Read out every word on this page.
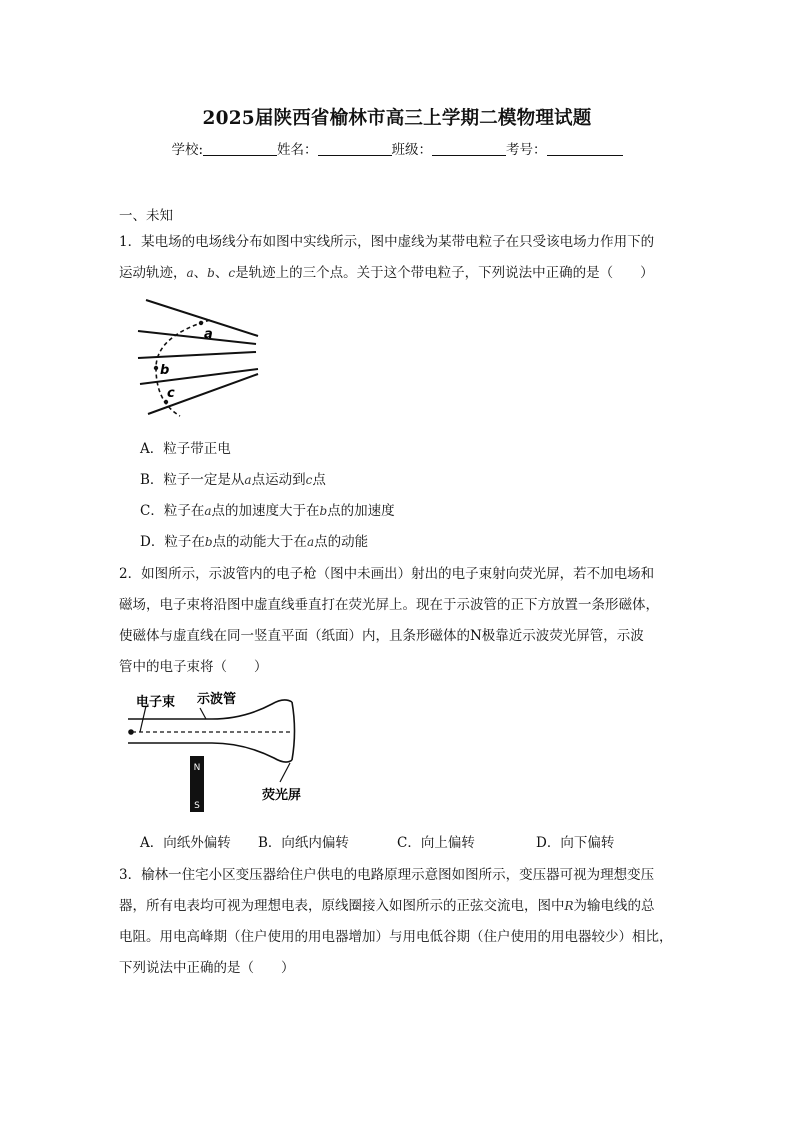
2025届陕西省榆林市高三上学期二模物理试题
学校:	姓名：	班级：	考号：
一、未知
1．某电场的电场线分布如图中实线所示，图中虚线为某带电粒子在只受该电场力作用下的
运动轨迹，a、b、c是轨迹上的三个点。关于这个带电粒子，下列说法中正确的是（　　）
a
b
c
A．粒子带正电
B．粒子一定是从a点运动到c点
C．粒子在a点的加速度大于在b点的加速度
D．粒子在b点的动能大于在a点的动能
2．如图所示，示波管内的电子枪（图中未画出）射出的电子束射向荧光屏，若不加电场和
磁场，电子束将沿图中虚直线垂直打在荧光屏上。现在于示波管的正下方放置一条形磁体，
使磁体与虚直线在同一竖直平面（纸面）内，且条形磁体的N极靠近示波荧光屏管，示波
管中的电子束将（　　）
N
S
电子束 示波管
荧光屏
A．向纸外偏转 B．向纸内偏转	C．向上偏转	D．向下偏转
3．榆林一住宅小区变压器给住户供电的电路原理示意图如图所示，变压器可视为理想变压
器，所有电表均可视为理想电表，原线圈接入如图所示的正弦交流电，图中R为输电线的总
电阻。用电高峰期（住户使用的用电器增加）与用电低谷期（住户使用的用电器较少）相比，
下列说法中正确的是（　　）
